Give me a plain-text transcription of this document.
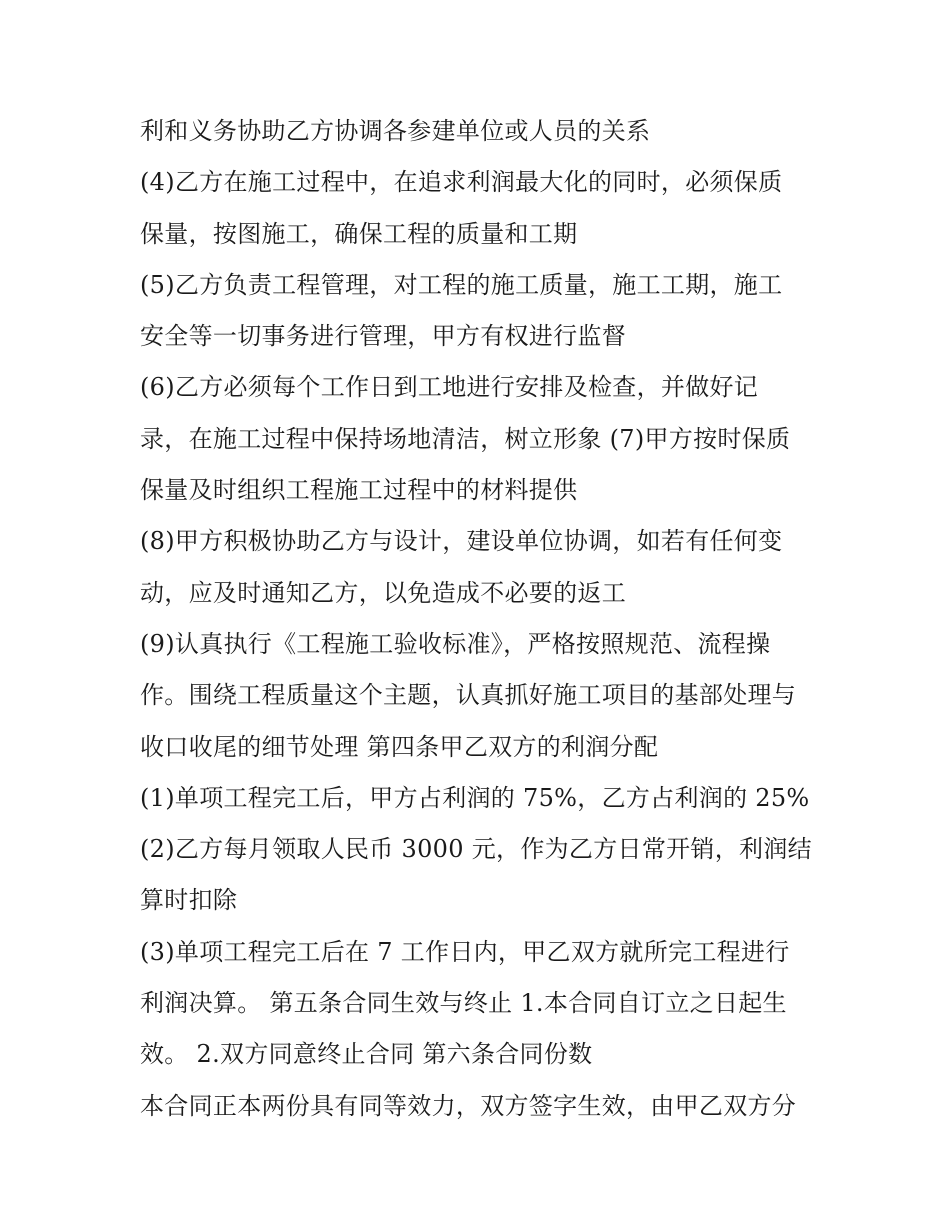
利和义务协助乙方协调各参建单位或人员的关系
(4)乙方在施工过程中，在追求利润最大化的同时，必须保质
保量，按图施工，确保工程的质量和工期
(5)乙方负责工程管理，对工程的施工质量，施工工期，施工
安全等一切事务进行管理，甲方有权进行监督
(6)乙方必须每个工作日到工地进行安排及检查，并做好记
录，在施工过程中保持场地清洁，树立形象 (7)甲方按时保质
保量及时组织工程施工过程中的材料提供
(8)甲方积极协助乙方与设计，建设单位协调，如若有任何变
动，应及时通知乙方，以免造成不必要的返工
(9)认真执行《工程施工验收标准》，严格按照规范、流程操
作。围绕工程质量这个主题，认真抓好施工项目的基部处理与
收口收尾的细节处理 第四条甲乙双方的利润分配
(1)单项工程完工后，甲方占利润的 75%，乙方占利润的 25%
(2)乙方每月领取人民币 3000 元，作为乙方日常开销，利润结
算时扣除
(3)单项工程完工后在 7 工作日内，甲乙双方就所完工程进行
利润决算。 第五条合同生效与终止 1.本合同自订立之日起生
效。 2.双方同意终止合同 第六条合同份数
本合同正本两份具有同等效力，双方签字生效，由甲乙双方分
